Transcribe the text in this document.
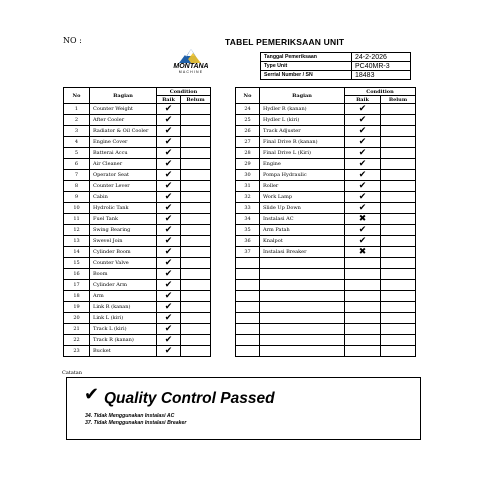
NO :	TABEL PEMERIKSAAN UNIT
MONTANA
MACHINE
Tanggal Pemeriksaan	24-2-2026
Type Unit	PC40MR-3
Serrial Number / SN	18483
No	Bagian	Condition	
		Baik	Belum
1	Counter Weight	✔	
2	After Cooler	✔	
3	Radiator & Oil Cooler	✔	
4	Engine Cover	✔	
5	Batterai Accu	✔	
6	Air Cleaner	✔	
7	Operator Seat	✔	
8	Counter Lever	✔	
9	Cabin	✔	
10	Hydrolic Tank	✔	
11	Fuel Tank	✔	
12	Swing Bearing	✔	
13	Swevel Join	✔	
14	Cylinder Boom	✔	
15	Counter Valve	✔	
16	Boom	✔	
17	Cylinder Arm	✔	
18	Arm	✔	
19	Link R (kanan)	✔	
20	Link L (kiri)	✔	
21	Track L (kiri)	✔	
22	Track R (kanan)	✔	
23	Bucket	✔	
No	Bagian	Condition	
		Baik	Belum
24	Hydler R (kanan)	✔	
25	Hydler L (kiri)	✔	
26	Track Adjuster	✔	
27	Final Drive R (kanan)	✔	
28	Final Drive L (Kiri)	✔	
29	Engine	✔	
30	Pompa Hydraulic	✔	
31	Roller	✔	
32	Work Lamp	✔	
33	Slide Up Down	✔	
34	Instalasi AC	✖	
35	Arm Patah	✔	
36	Knalpot	✔	
37	Instalasi Breaker	✖	

Catatan
✔ Quality Control Passed
34. Tidak Menggunakan Instalasi AC
37. Tidak Menggunakan Instalasi Breaker
